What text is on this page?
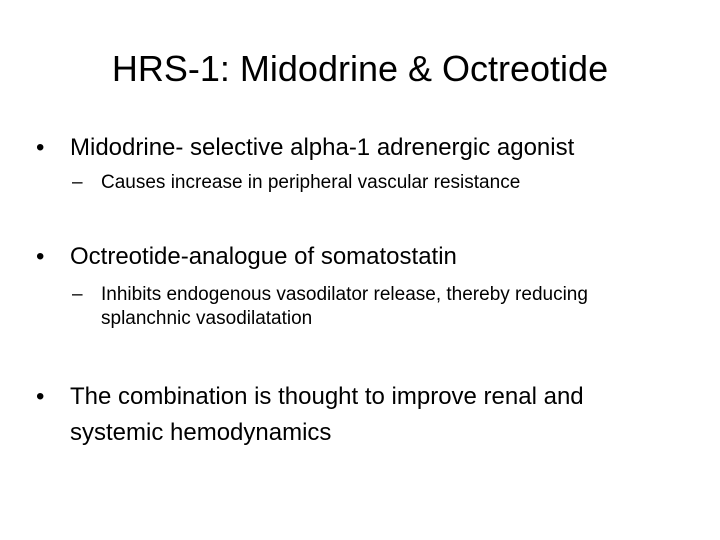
HRS-1: Midodrine & Octreotide
•	Midodrine- selective alpha-1 adrenergic agonist
– Causes increase in peripheral vascular resistance
•	Octreotide-analogue of somatostatin
– Inhibits endogenous vasodilator release, thereby reducing splanchnic vasodilatation
•	The combination is thought to improve renal and systemic hemodynamics
